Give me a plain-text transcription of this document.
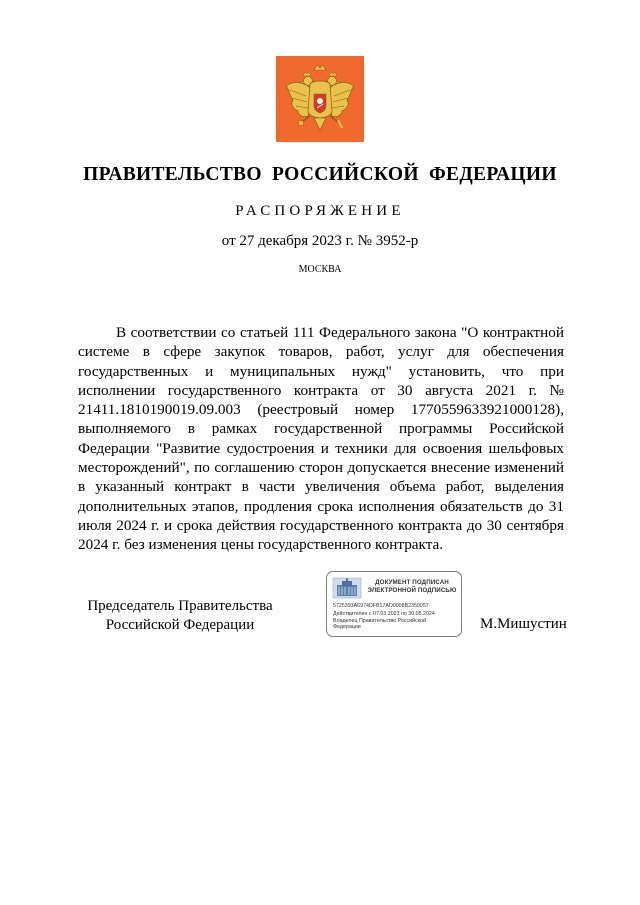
ПРАВИТЕЛЬСТВО РОССИЙСКОЙ ФЕДЕРАЦИИ
РАСПОРЯЖЕНИЕ
от 27 декабря 2023 г. № 3952-р
МОСКВА

В соответствии со статьей 111 Федерального закона "О контрактной системе в сфере закупок товаров, работ, услуг для обеспечения государственных и муниципальных нужд" установить, что при исполнении государственного контракта от 30 августа 2021 г. № 21411.1810190019.09.003 (реестровый номер 1770559633921000128), выполняемого в рамках государственной программы Российской Федерации "Развитие судостроения и техники для освоения шельфовых месторождений", по соглашению сторон допускается внесение изменений в указанный контракт в части увеличения объема работ, выделения дополнительных этапов, продления срока исполнения обязательств до 31 июля 2024 г. и срока действия государственного контракта до 30 сентября 2024 г. без изменения цены государственного контракта.

Председатель Правительства
Российской Федерации
ДОКУМЕНТ ПОДПИСАН
ЭЛЕКТРОННОЙ ПОДПИСЬЮ
5725393A6974DFB17AD0008B2359057
Действителен с 07.03.2023 по 30.05.2024
Владелец Правительство Российской Федерации	М.Мишустин
